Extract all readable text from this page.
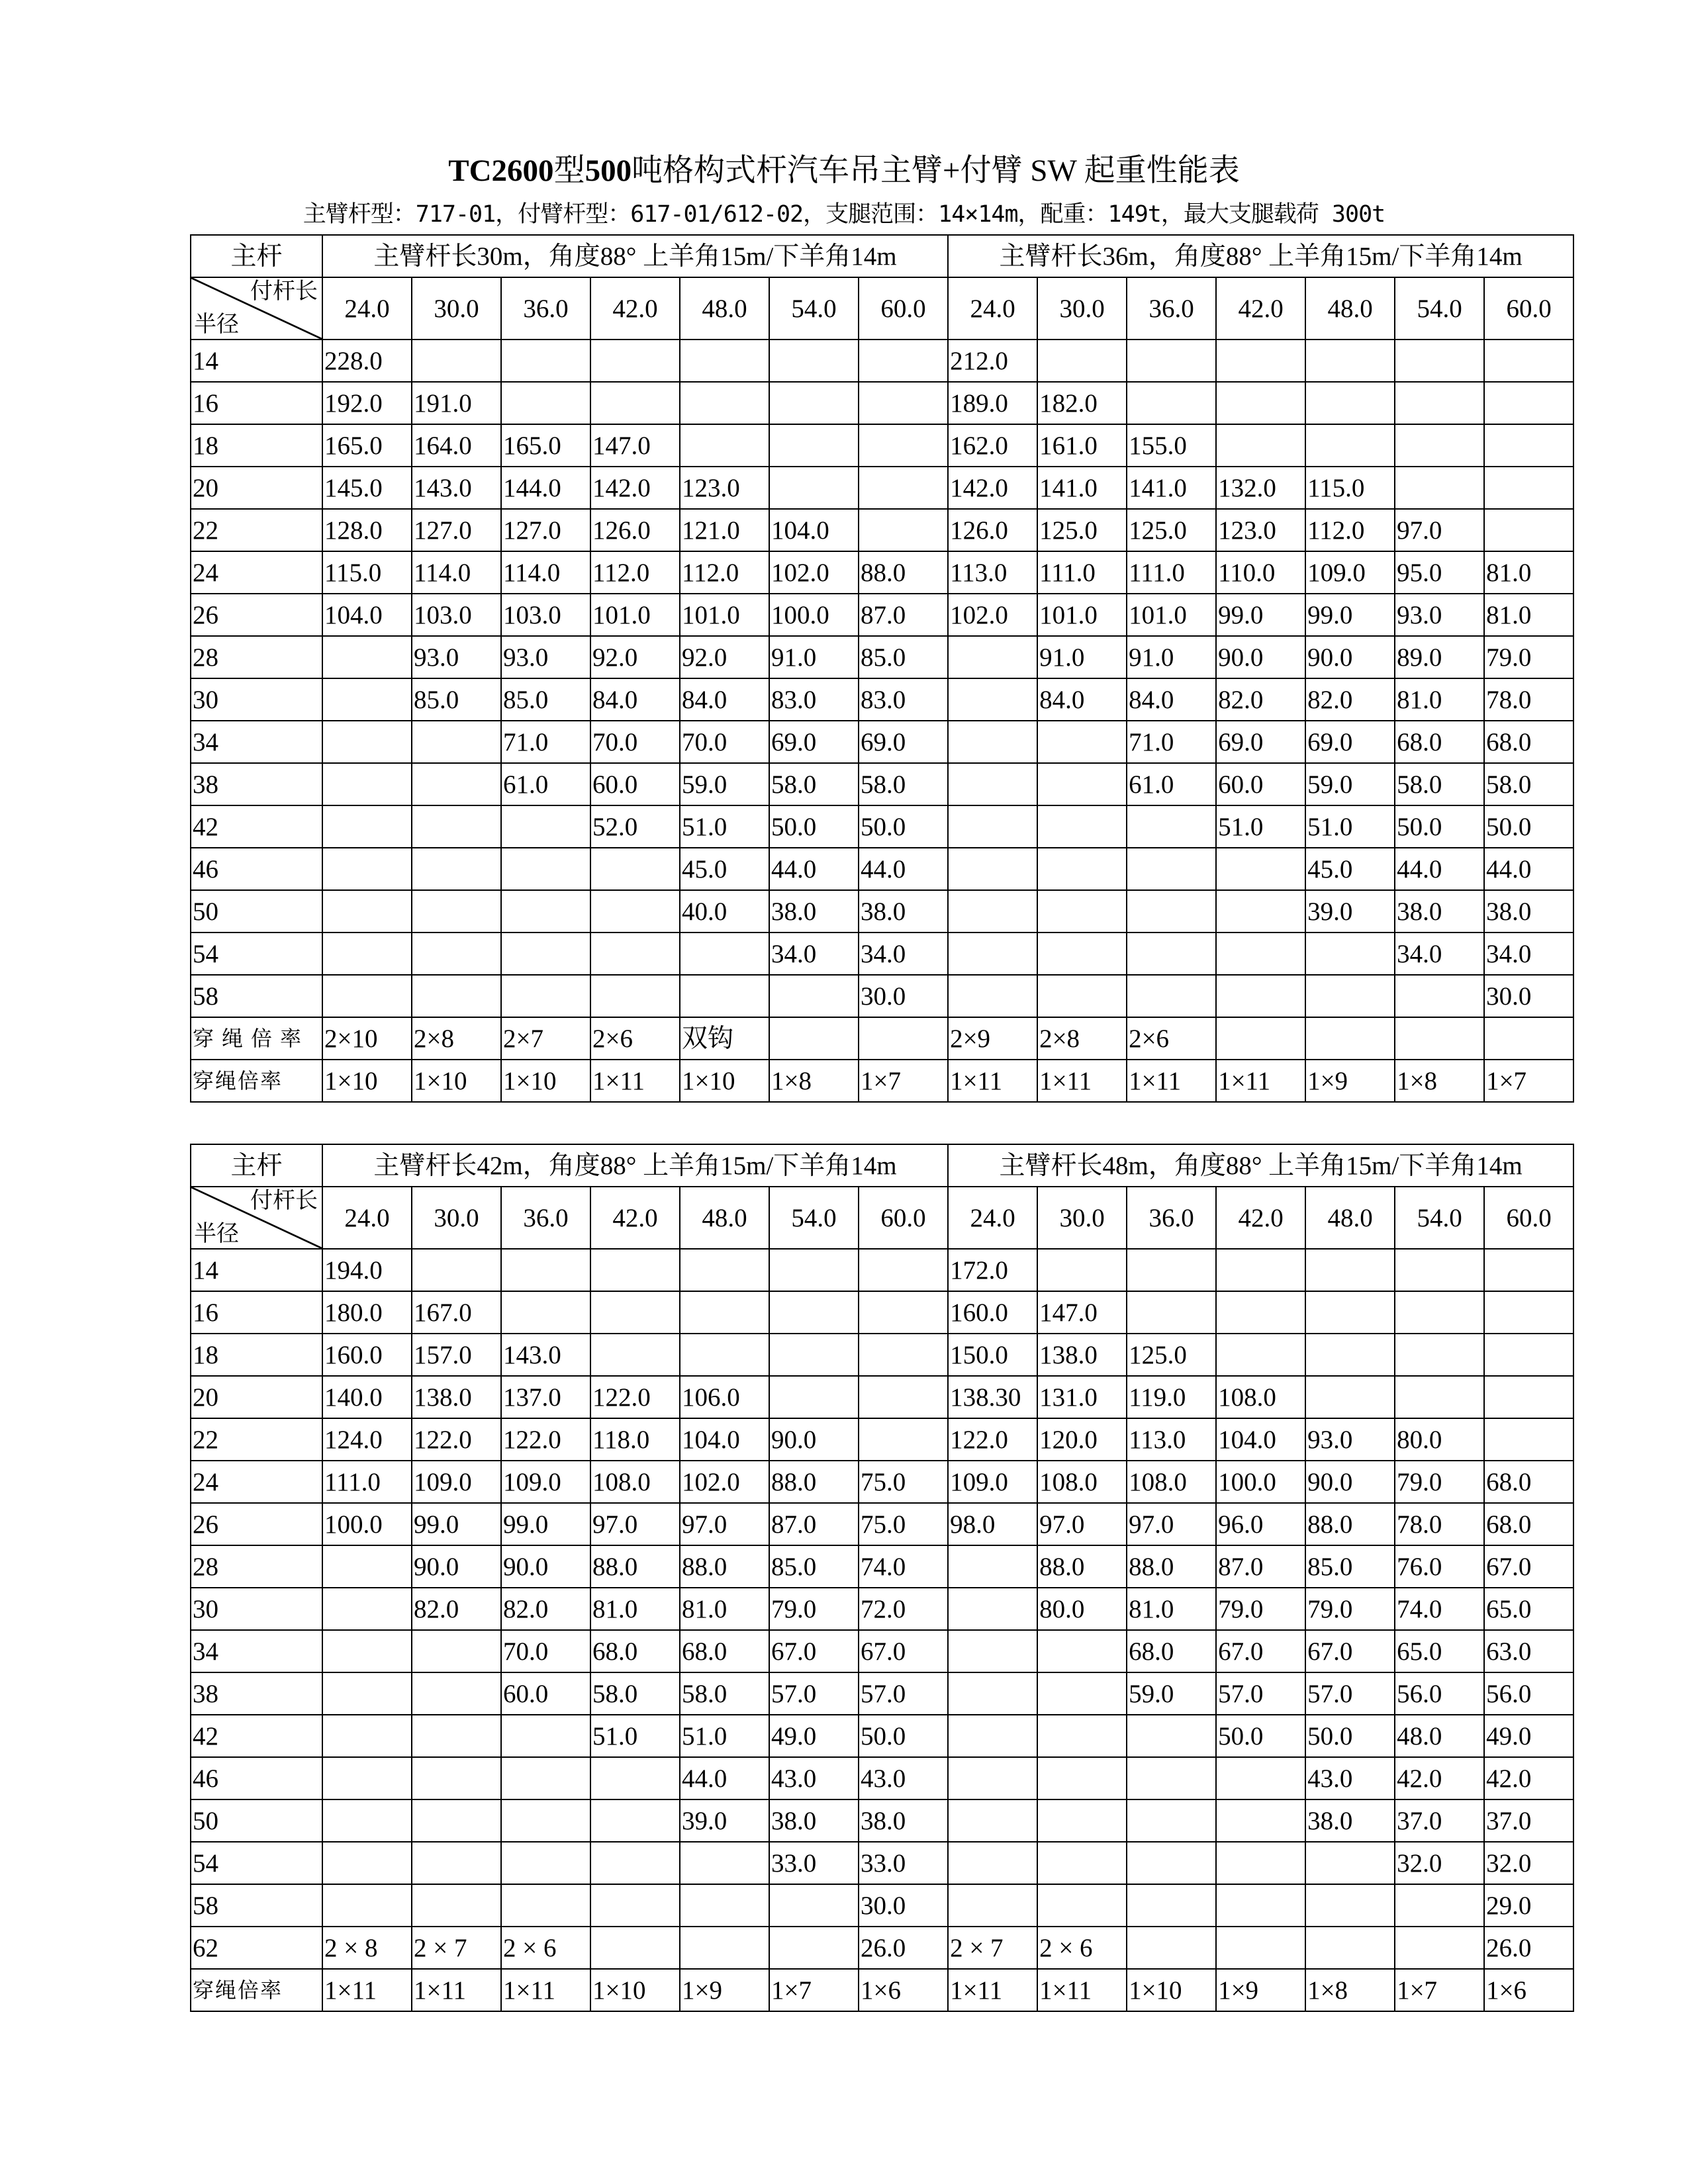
TC2600型500吨格构式杆汽车吊主臂+付臂 SW 起重性能表
主臂杆型：717-01，付臂杆型：617-01/612-02，支腿范围：14×14m，配重：149t，最大支腿载荷 300t
主杆	主臂杆长30m，角度88° 上羊角15m/下羊角14m							主臂杆长36m，角度88° 上羊角15m/下羊角14m						

付杆长
半径	24.0	30.0	36.0	42.0	48.0	54.0	60.0	24.0	30.0	36.0	42.0	48.0	54.0	60.0
14	228.0							212.0						
16	192.0	191.0						189.0	182.0					
18	165.0	164.0	165.0	147.0				162.0	161.0	155.0				
20	145.0	143.0	144.0	142.0	123.0			142.0	141.0	141.0	132.0	115.0		
22	128.0	127.0	127.0	126.0	121.0	104.0		126.0	125.0	125.0	123.0	112.0	97.0	
24	115.0	114.0	114.0	112.0	112.0	102.0	88.0	113.0	111.0	111.0	110.0	109.0	95.0	81.0
26	104.0	103.0	103.0	101.0	101.0	100.0	87.0	102.0	101.0	101.0	99.0	99.0	93.0	81.0
28		93.0	93.0	92.0	92.0	91.0	85.0		91.0	91.0	90.0	90.0	89.0	79.0
30		85.0	85.0	84.0	84.0	83.0	83.0		84.0	84.0	82.0	82.0	81.0	78.0
34			71.0	70.0	70.0	69.0	69.0			71.0	69.0	69.0	68.0	68.0
38			61.0	60.0	59.0	58.0	58.0			61.0	60.0	59.0	58.0	58.0
42				52.0	51.0	50.0	50.0				51.0	51.0	50.0	50.0
46					45.0	44.0	44.0					45.0	44.0	44.0
50					40.0	38.0	38.0					39.0	38.0	38.0
54						34.0	34.0						34.0	34.0
58							30.0							30.0
穿 绳 倍 率	2×10	2×8	2×7	2×6	双钩			2×9	2×8	2×6				
穿绳倍率	1×10	1×10	1×10	1×11	1×10	1×8	1×7	1×11	1×11	1×11	1×11	1×9	1×8	1×7
主杆	主臂杆长42m，角度88° 上羊角15m/下羊角14m							主臂杆长48m，角度88° 上羊角15m/下羊角14m						

付杆长
半径	24.0	30.0	36.0	42.0	48.0	54.0	60.0	24.0	30.0	36.0	42.0	48.0	54.0	60.0
14	194.0							172.0						
16	180.0	167.0						160.0	147.0					
18	160.0	157.0	143.0					150.0	138.0	125.0				
20	140.0	138.0	137.0	122.0	106.0			138.30	131.0	119.0	108.0			
22	124.0	122.0	122.0	118.0	104.0	90.0		122.0	120.0	113.0	104.0	93.0	80.0	
24	111.0	109.0	109.0	108.0	102.0	88.0	75.0	109.0	108.0	108.0	100.0	90.0	79.0	68.0
26	100.0	99.0	99.0	97.0	97.0	87.0	75.0	98.0	97.0	97.0	96.0	88.0	78.0	68.0
28		90.0	90.0	88.0	88.0	85.0	74.0		88.0	88.0	87.0	85.0	76.0	67.0
30		82.0	82.0	81.0	81.0	79.0	72.0		80.0	81.0	79.0	79.0	74.0	65.0
34			70.0	68.0	68.0	67.0	67.0			68.0	67.0	67.0	65.0	63.0
38			60.0	58.0	58.0	57.0	57.0			59.0	57.0	57.0	56.0	56.0
42				51.0	51.0	49.0	50.0				50.0	50.0	48.0	49.0
46					44.0	43.0	43.0					43.0	42.0	42.0
50					39.0	38.0	38.0					38.0	37.0	37.0
54						33.0	33.0						32.0	32.0
58							30.0							29.0
62	2 × 8	2 × 7	2 × 6				26.0	2 × 7	2 × 6					26.0
穿绳倍率	1×11	1×11	1×11	1×10	1×9	1×7	1×6	1×11	1×11	1×10	1×9	1×8	1×7	1×6
